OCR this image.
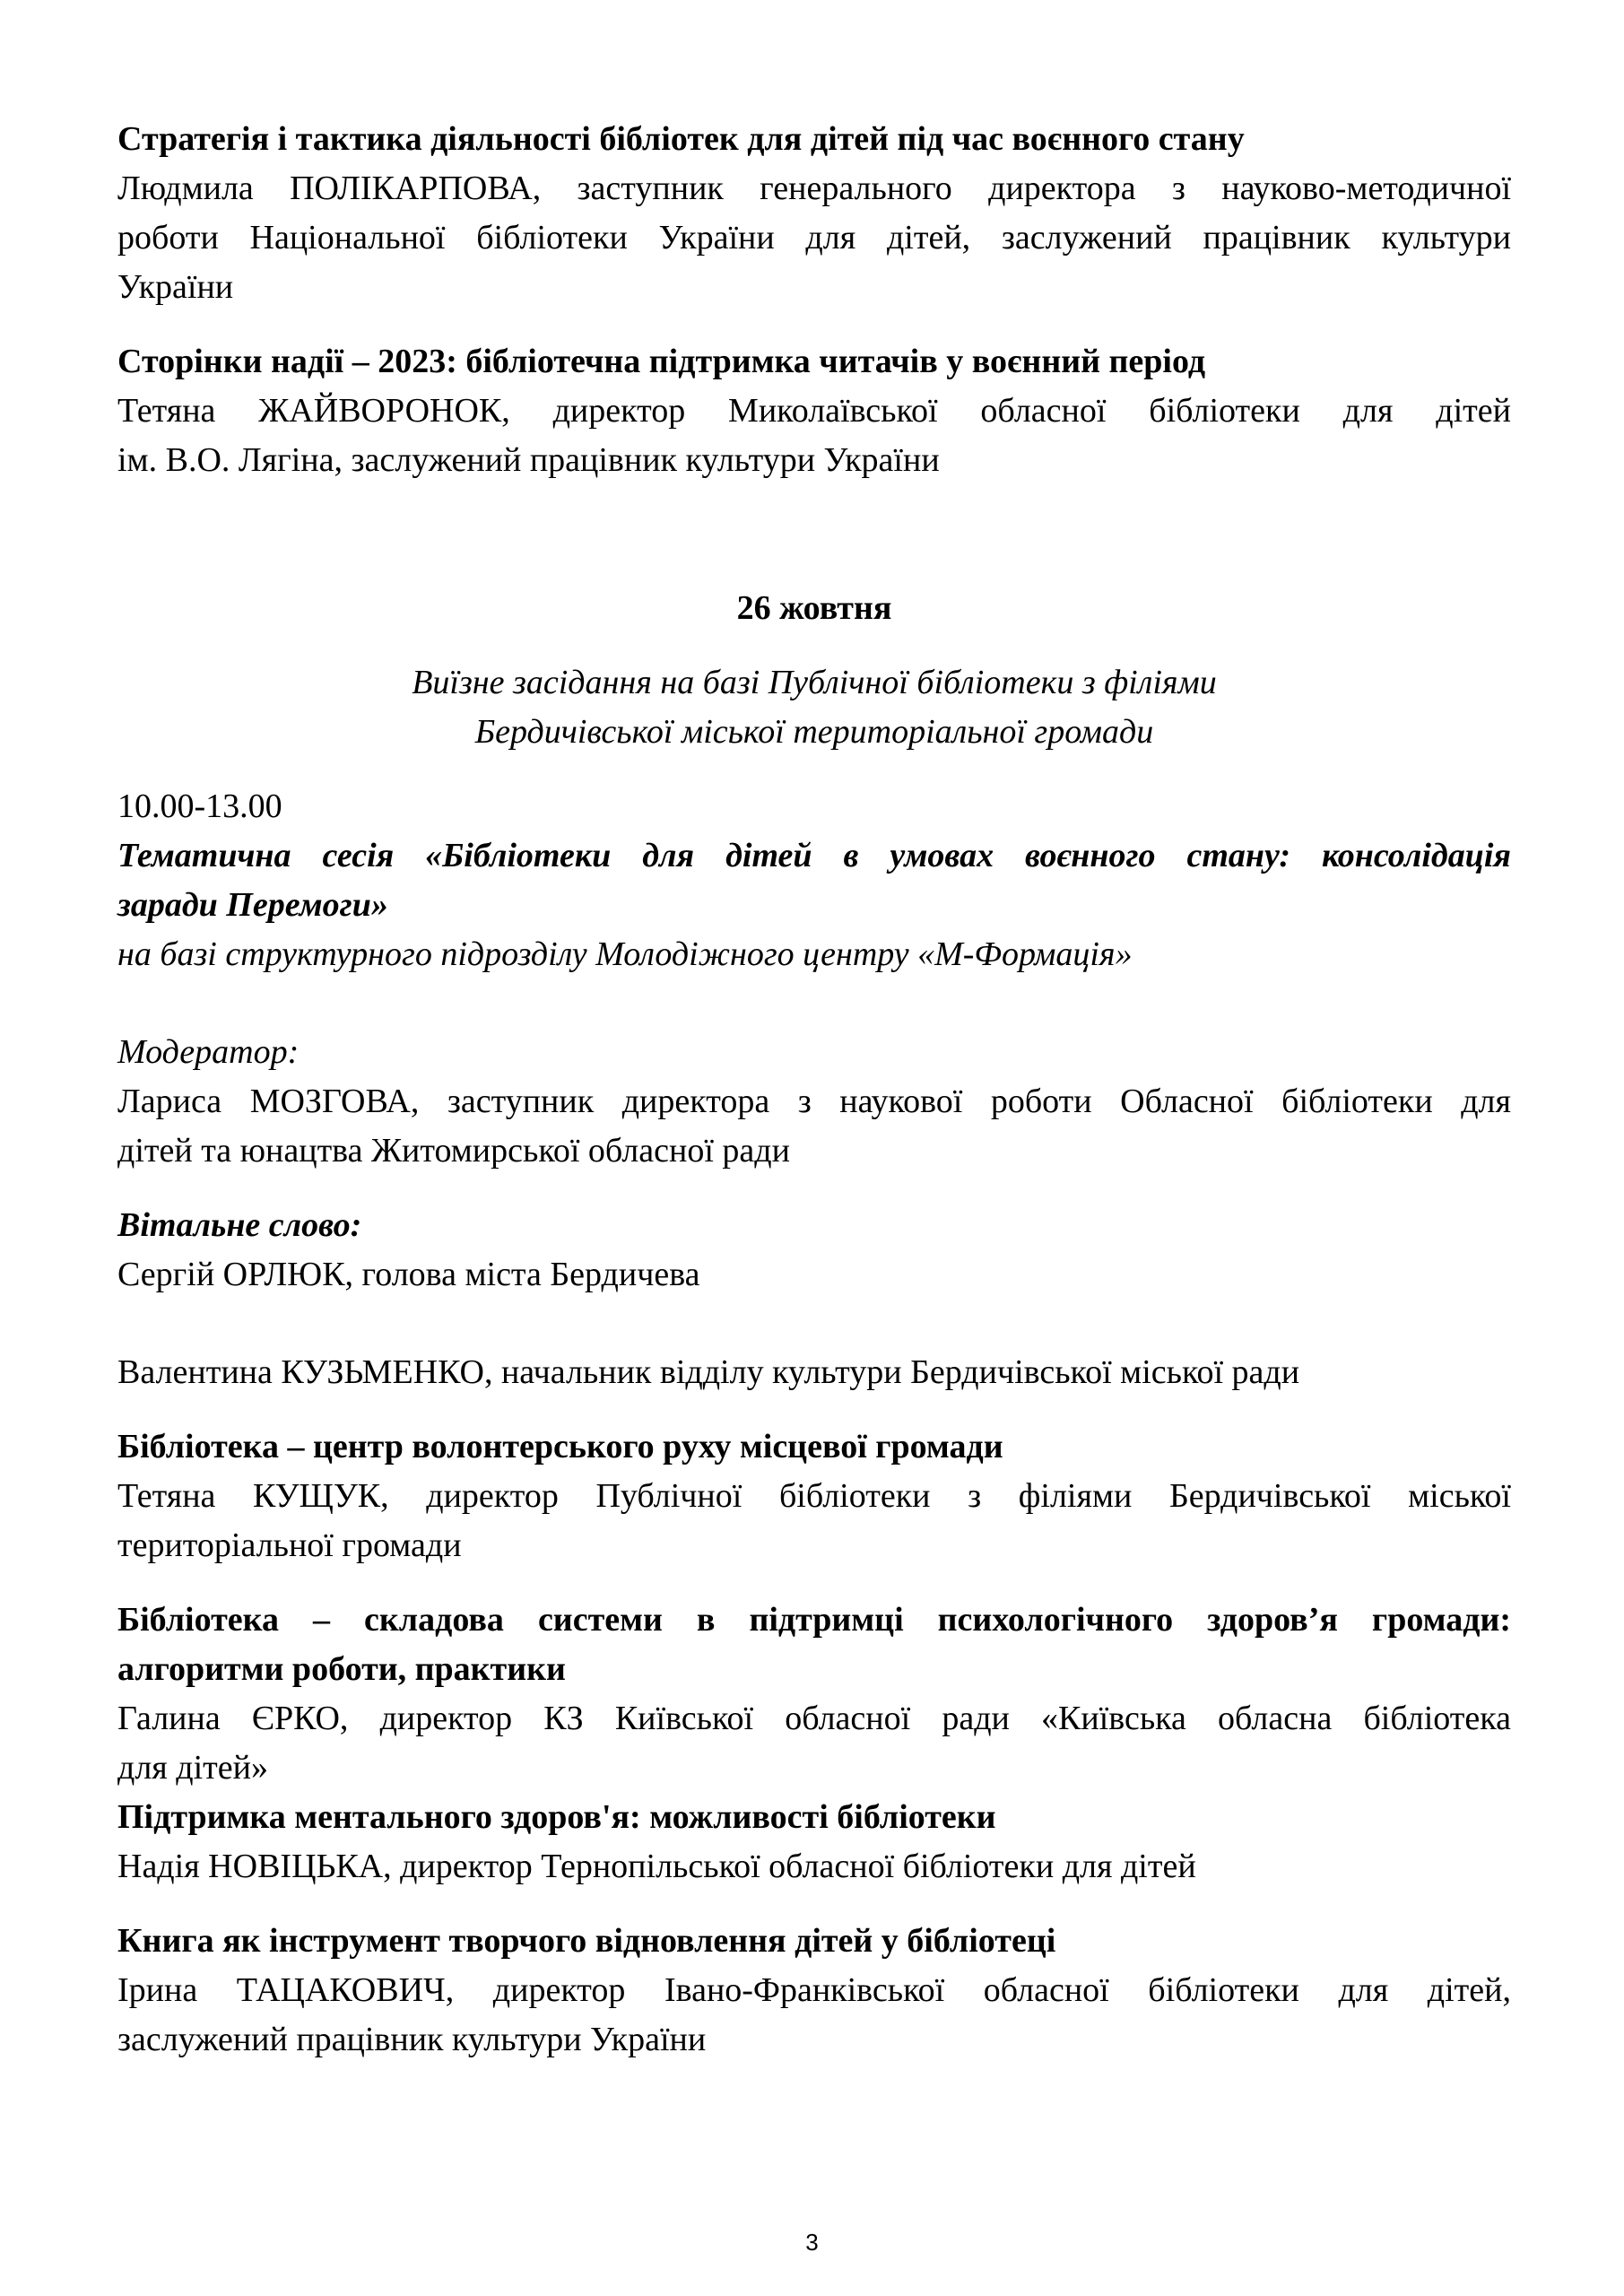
Стратегія і тактика діяльності бібліотек для дітей під час воєнного стану
Людмила ПОЛІКАРПОВА, заступник генерального директора з науково-методичної
роботи Національної бібліотеки України для дітей, заслужений працівник культури
України
Сторінки надії – 2023: бібліотечна підтримка читачів у воєнний період
Тетяна ЖАЙВОРОНОК, директор Миколаївської обласної бібліотеки для дітей
ім. В.О. Лягіна, заслужений працівник культури України
26 жовтня
Виїзне засідання на базі Публічної бібліотеки з філіями
Бердичівської міської територіальної громади
10.00-13.00
Тематична сесія «Бібліотеки для дітей в умовах воєнного стану: консолідація
заради Перемоги»
на базі структурного підрозділу Молодіжного центру «М-Формація»
Модератор:
Лариса МОЗГОВА, заступник директора з наукової роботи Обласної бібліотеки для
дітей та юнацтва Житомирської обласної ради
Вітальне слово:
Сергій ОРЛЮК, голова міста Бердичева
Валентина КУЗЬМЕНКО, начальник відділу культури Бердичівської міської ради
Бібліотека – центр волонтерського руху місцевої громади
Тетяна КУЩУК, директор Публічної бібліотеки з філіями Бердичівської міської
територіальної громади
Бібліотека – складова системи в підтримці психологічного здоров’я громади:
алгоритми роботи, практики
Галина ЄРКО, директор КЗ Київської обласної ради «Київська обласна бібліотека
для дітей»
Підтримка ментального здоров'я: можливості бібліотеки
Надія НОВІЦЬКА, директор Тернопільської обласної бібліотеки для дітей
Книга як інструмент творчого відновлення дітей у бібліотеці
Ірина ТАЦАКОВИЧ, директор Івано-Франківської обласної бібліотеки для дітей,
заслужений працівник культури України
3
